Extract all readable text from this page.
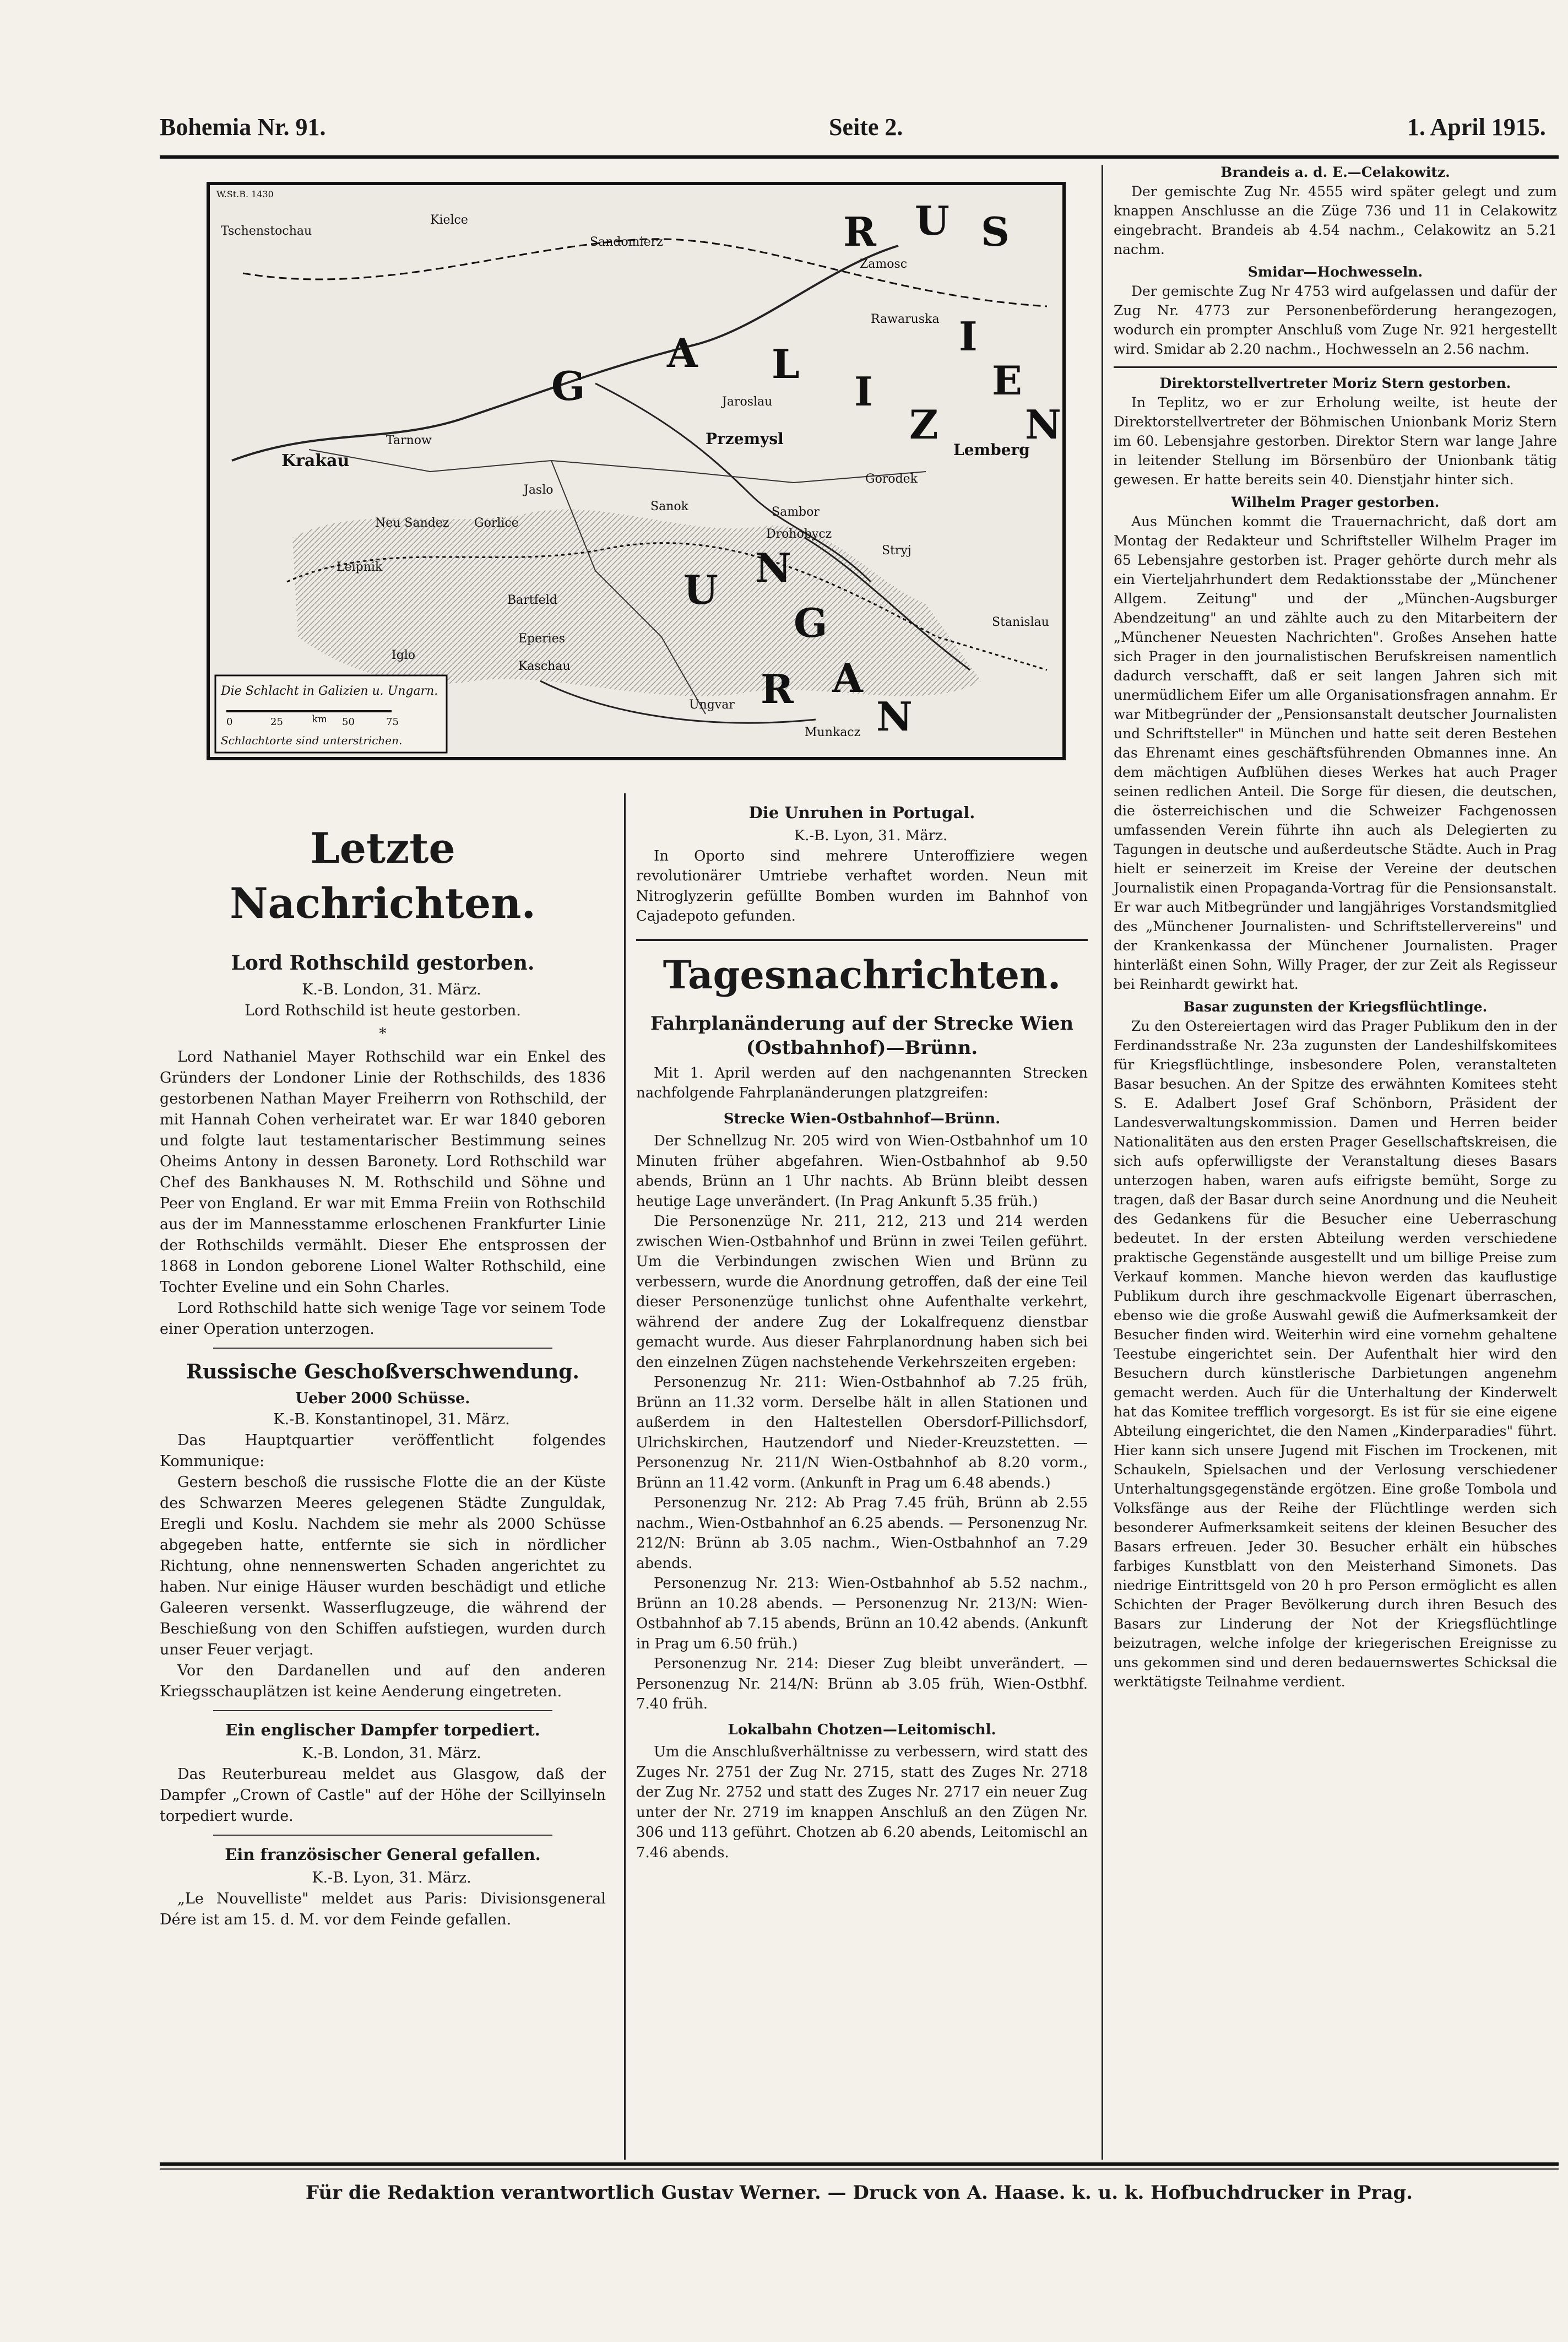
Bohemia Nr. 91.	Seite 2.	1. April 1915.
G
A L
I
Z
I
E
N
R U S
U N
G
A
R
N
Tschenstochau
Kielce
Sandomierz
Zamosc
Rawaruska
Krakau
Tarnow
Jaroslau
Przemysl
Lemberg
Neu Sandez Gorlice
Jaslo
Sanok	Sambor
Drohobycz
Stryj
Gorodek
Bartfeld
Eperies
Kaschau
Ungvar
Munkacz
Stanislau
Leipnik
Iglo
W.St.B. 1430
Die Schlacht in Galizien u. Ungarn.
0	25	km 50	75
Schlachtorte sind unterstrichen.
Letzte Nachrichten.
Lord Rothschild gestorben.

K.-B. London, 31. März.

Lord Rothschild ist heute gestorben.

*

Lord Nathaniel Mayer Rothschild war ein Enkel des Gründers der Londoner Linie der Rothschilds, des 1836 gestorbenen Nathan Mayer Freiherrn von Rothschild, der mit Hannah Cohen verheiratet war. Er war 1840 geboren und folgte laut testamentarischer Bestimmung seines Oheims Antony in dessen Baronety. Lord Rothschild war Chef des Bankhauses N. M. Rothschild und Söhne und Peer von England. Er war mit Emma Freiin von Rothschild aus der im Mannesstamme erloschenen Frankfurter Linie der Rothschilds vermählt. Dieser Ehe entsprossen der 1868 in London geborene Lionel Walter Rothschild, eine Tochter Eveline und ein Sohn Charles.

Lord Rothschild hatte sich wenige Tage vor seinem Tode einer Operation unterzogen.

Russische Geschoßverschwendung.

Ueber 2000 Schüsse.

K.-B. Konstantinopel, 31. März.

Das Hauptquartier veröffentlicht folgendes Kommunique:

Gestern beschoß die russische Flotte die an der Küste des Schwarzen Meeres gelegenen Städte Zunguldak, Eregli und Koslu. Nachdem sie mehr als 2000 Schüsse abgegeben hatte, entfernte sie sich in nördlicher Richtung, ohne nennenswerten Schaden angerichtet zu haben. Nur einige Häuser wurden beschädigt und etliche Galeeren versenkt. Wasserflugzeuge, die während der Beschießung von den Schiffen aufstiegen, wurden durch unser Feuer verjagt.

Vor den Dardanellen und auf den anderen Kriegsschauplätzen ist keine Aenderung eingetreten.

Ein englischer Dampfer torpediert.

K.-B. London, 31. März.

Das Reuterbureau meldet aus Glasgow, daß der Dampfer „Crown of Castle" auf der Höhe der Scillyinseln torpediert wurde.

Ein französischer General gefallen.

K.-B. Lyon, 31. März.

„Le Nouvelliste" meldet aus Paris: Divisionsgeneral Dére ist am 15. d. M. vor dem Feinde gefallen.

Die Unruhen in Portugal.

K.-B. Lyon, 31. März.

In Oporto sind mehrere Unteroffiziere wegen revolutionärer Umtriebe verhaftet worden. Neun mit Nitroglyzerin gefüllte Bomben wurden im Bahnhof von Cajadepoto gefunden.

Tagesnachrichten.
Fahrplanänderung auf der Strecke Wien (Ostbahnhof)—Brünn.

Mit 1. April werden auf den nachgenannten Strecken nachfolgende Fahrplanänderungen platzgreifen:

Strecke Wien-Ostbahnhof—Brünn.

Der Schnellzug Nr. 205 wird von Wien-Ostbahnhof um 10 Minuten früher abgefahren. Wien-Ostbahnhof ab 9.50 abends, Brünn an 1 Uhr nachts. Ab Brünn bleibt dessen heutige Lage unverändert. (In Prag Ankunft 5.35 früh.)

Die Personenzüge Nr. 211, 212, 213 und 214 werden zwischen Wien-Ostbahnhof und Brünn in zwei Teilen geführt. Um die Verbindungen zwischen Wien und Brünn zu verbessern, wurde die Anordnung getroffen, daß der eine Teil dieser Personenzüge tunlichst ohne Aufenthalte verkehrt, während der andere Zug der Lokalfrequenz dienstbar gemacht wurde. Aus dieser Fahrplanordnung haben sich bei den einzelnen Zügen nachstehende Verkehrszeiten ergeben:

Personenzug Nr. 211: Wien-Ostbahnhof ab 7.25 früh, Brünn an 11.32 vorm. Derselbe hält in allen Stationen und außerdem in den Haltestellen Obersdorf-Pillichsdorf, Ulrichskirchen, Hautzendorf und Nieder-Kreuzstetten. — Personenzug Nr. 211/N Wien-Ostbahnhof ab 8.20 vorm., Brünn an 11.42 vorm. (Ankunft in Prag um 6.48 abends.)

Personenzug Nr. 212: Ab Prag 7.45 früh, Brünn ab 2.55 nachm., Wien-Ostbahnhof an 6.25 abends. — Personenzug Nr. 212/N: Brünn ab 3.05 nachm., Wien-Ostbahnhof an 7.29 abends.

Personenzug Nr. 213: Wien-Ostbahnhof ab 5.52 nachm., Brünn an 10.28 abends. — Personenzug Nr. 213/N: Wien-Ostbahnhof ab 7.15 abends, Brünn an 10.42 abends. (Ankunft in Prag um 6.50 früh.)

Personenzug Nr. 214: Dieser Zug bleibt unverändert. — Personenzug Nr. 214/N: Brünn ab 3.05 früh, Wien-Ostbhf. 7.40 früh.

Lokalbahn Chotzen—Leitomischl.

Um die Anschlußverhältnisse zu verbessern, wird statt des Zuges Nr. 2751 der Zug Nr. 2715, statt des Zuges Nr. 2718 der Zug Nr. 2752 und statt des Zuges Nr. 2717 ein neuer Zug unter der Nr. 2719 im knappen Anschluß an den Zügen Nr. 306 und 113 geführt. Chotzen ab 6.20 abends, Leitomischl an 7.46 abends.

Brandeis a. d. E.—Celakowitz.

Der gemischte Zug Nr. 4555 wird später gelegt und zum knappen Anschlusse an die Züge 736 und 11 in Celakowitz eingebracht. Brandeis ab 4.54 nachm., Celakowitz an 5.21 nachm.

Smidar—Hochwesseln.

Der gemischte Zug Nr 4753 wird aufgelassen und dafür der Zug Nr. 4773 zur Personenbeförderung herangezogen, wodurch ein prompter Anschluß vom Zuge Nr. 921 hergestellt wird. Smidar ab 2.20 nachm., Hochwesseln an 2.56 nachm.

Direktorstellvertreter Moriz Stern gestorben.

In Teplitz, wo er zur Erholung weilte, ist heute der Direktorstellvertreter der Böhmischen Unionbank Moriz Stern im 60. Lebensjahre gestorben. Direktor Stern war lange Jahre in leitender Stellung im Börsenbüro der Unionbank tätig gewesen. Er hatte bereits sein 40. Dienstjahr hinter sich.

Wilhelm Prager gestorben.

Aus München kommt die Trauernachricht, daß dort am Montag der Redakteur und Schriftsteller Wilhelm Prager im 65 Lebensjahre gestorben ist. Prager gehörte durch mehr als ein Vierteljahrhundert dem Redaktionsstabe der „Münchener Allgem. Zeitung" und der „München-Augsburger Abendzeitung" an und zählte auch zu den Mitarbeitern der „Münchener Neuesten Nachrichten". Großes Ansehen hatte sich Prager in den journalistischen Berufskreisen namentlich dadurch verschafft, daß er seit langen Jahren sich mit unermüdlichem Eifer um alle Organisationsfragen annahm. Er war Mitbegründer der „Pensionsanstalt deutscher Journalisten und Schriftsteller" in München und hatte seit deren Bestehen das Ehrenamt eines geschäftsführenden Obmannes inne. An dem mächtigen Aufblühen dieses Werkes hat auch Prager seinen redlichen Anteil. Die Sorge für diesen, die deutschen, die österreichischen und die Schweizer Fachgenossen umfassenden Verein führte ihn auch als Delegierten zu Tagungen in deutsche und außerdeutsche Städte. Auch in Prag hielt er seinerzeit im Kreise der Vereine der deutschen Journalistik einen Propaganda-Vortrag für die Pensionsanstalt. Er war auch Mitbegründer und langjähriges Vorstandsmitglied des „Münchener Journalisten- und Schriftstellervereins" und der Krankenkassa der Münchener Journalisten. Prager hinterläßt einen Sohn, Willy Prager, der zur Zeit als Regisseur bei Reinhardt gewirkt hat.

Basar zugunsten der Kriegsflüchtlinge.

Zu den Ostereiertagen wird das Prager Publikum den in der Ferdinandsstraße Nr. 23a zugunsten der Landeshilfskomitees für Kriegsflüchtlinge, insbesondere Polen, veranstalteten Basar besuchen. An der Spitze des erwähnten Komitees steht S. E. Adalbert Josef Graf Schönborn, Präsident der Landesverwaltungskommission. Damen und Herren beider Nationalitäten aus den ersten Prager Gesellschaftskreisen, die sich aufs opferwilligste der Veranstaltung dieses Basars unterzogen haben, waren aufs eifrigste bemüht, Sorge zu tragen, daß der Basar durch seine Anordnung und die Neuheit des Gedankens für die Besucher eine Ueberraschung bedeutet. In der ersten Abteilung werden verschiedene praktische Gegenstände ausgestellt und um billige Preise zum Verkauf kommen. Manche hievon werden das kauflustige Publikum durch ihre geschmackvolle Eigenart überraschen, ebenso wie die große Auswahl gewiß die Aufmerksamkeit der Besucher finden wird. Weiterhin wird eine vornehm gehaltene Teestube eingerichtet sein. Der Aufenthalt hier wird den Besuchern durch künstlerische Darbietungen angenehm gemacht werden. Auch für die Unterhaltung der Kinderwelt hat das Komitee trefflich vorgesorgt. Es ist für sie eine eigene Abteilung eingerichtet, die den Namen „Kinderparadies" führt. Hier kann sich unsere Jugend mit Fischen im Trockenen, mit Schaukeln, Spielsachen und der Verlosung verschiedener Unterhaltungsgegenstände ergötzen. Eine große Tombola und Volksfänge aus der Reihe der Flüchtlinge werden sich besonderer Aufmerksamkeit seitens der kleinen Besucher des Basars erfreuen. Jeder 30. Besucher erhält ein hübsches farbiges Kunstblatt von den Meisterhand Simonets. Das niedrige Eintrittsgeld von 20 h pro Person ermöglicht es allen Schichten der Prager Bevölkerung durch ihren Besuch des Basars zur Linderung der Not der Kriegsflüchtlinge beizutragen, welche infolge der kriegerischen Ereignisse zu uns gekommen sind und deren bedauernswertes Schicksal die werktätigste Teilnahme verdient.

Für die Redaktion verantwortlich Gustav Werner. — Druck von A. Haase. k. u. k. Hofbuchdrucker in Prag.
